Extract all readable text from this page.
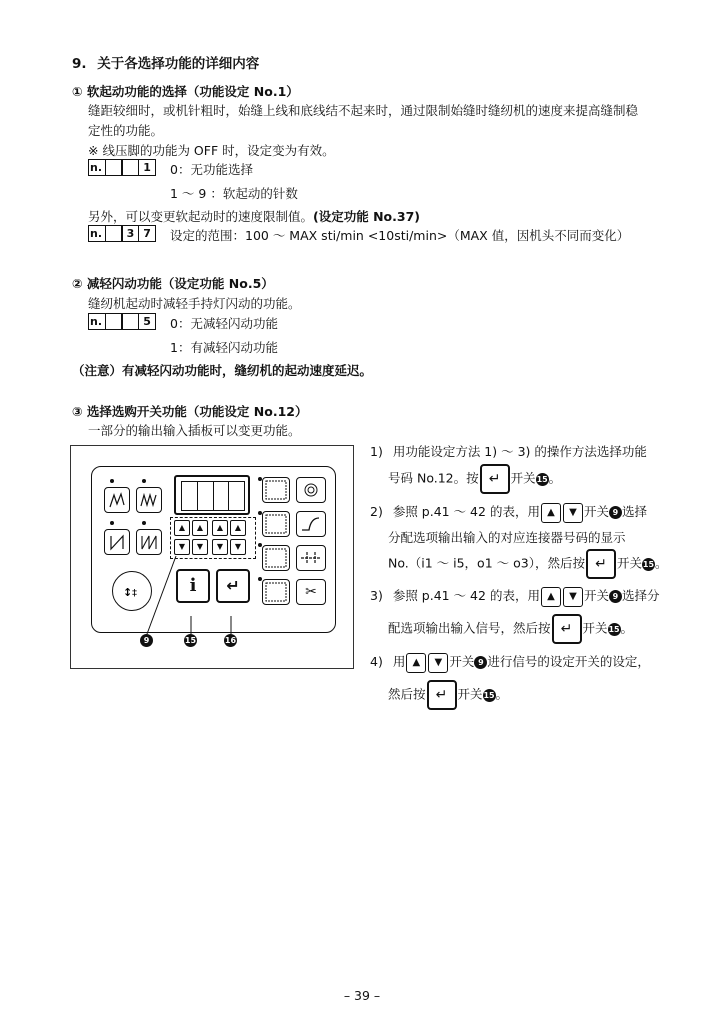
9. 关于各选择功能的详细内容
① 软起动功能的选择（功能设定 No.1）
缝距较细时，或机针粗时，始缝上线和底线结不起来时，通过限制始缝时缝纫机的速度来提高缝制稳
定性的功能。
※ 线压脚的功能为 OFF 时，设定变为有效。
n.	1	0：无功能选择
1 ～ 9 ：软起动的针数
另外，可以变更软起动时的速度限制值。(设定功能 No.37)
n.	3 7	设定的范围：100 ～ MAX sti/min <10sti/min>（MAX 值，因机头不同而变化）
② 减轻闪动功能（设定功能 No.5）
缝纫机起动时减轻手持灯闪动的功能。
n.	5	0：无减轻闪动功能
1：有减轻闪动功能
（注意）有减轻闪动功能时，缝纫机的起动速度延迟。
③ 选择选购开关功能（功能设定 No.12）
一部分的输出输入插板可以变更功能。
↕ ‡
▲	▲	▲	▲
▼	▼	▼	▼
i	↵	✂
9	15	16
1) 用功能设定方法 1) ～ 3) 的操作方法选择功能
号码 No.12。按 ↵ 开关15。
2) 参照 p.41 ～ 42 的表，用 ▲ ▼ 开关 9 选择
分配选项输出输入的对应连接器号码的显示
No.（i1 ～ i5，o1 ～ o3），然后按 ↵ 开关15。
3) 参照 p.41 ～ 42 的表，用 ▲ ▼ 开关 9 选择分
配选项输出输入信号，然后按 ↵ 开关15。
4) 用 ▲ ▼ 开关 9 进行信号的设定开关的设定，
然后按 ↵ 开关15。
– 39 –
